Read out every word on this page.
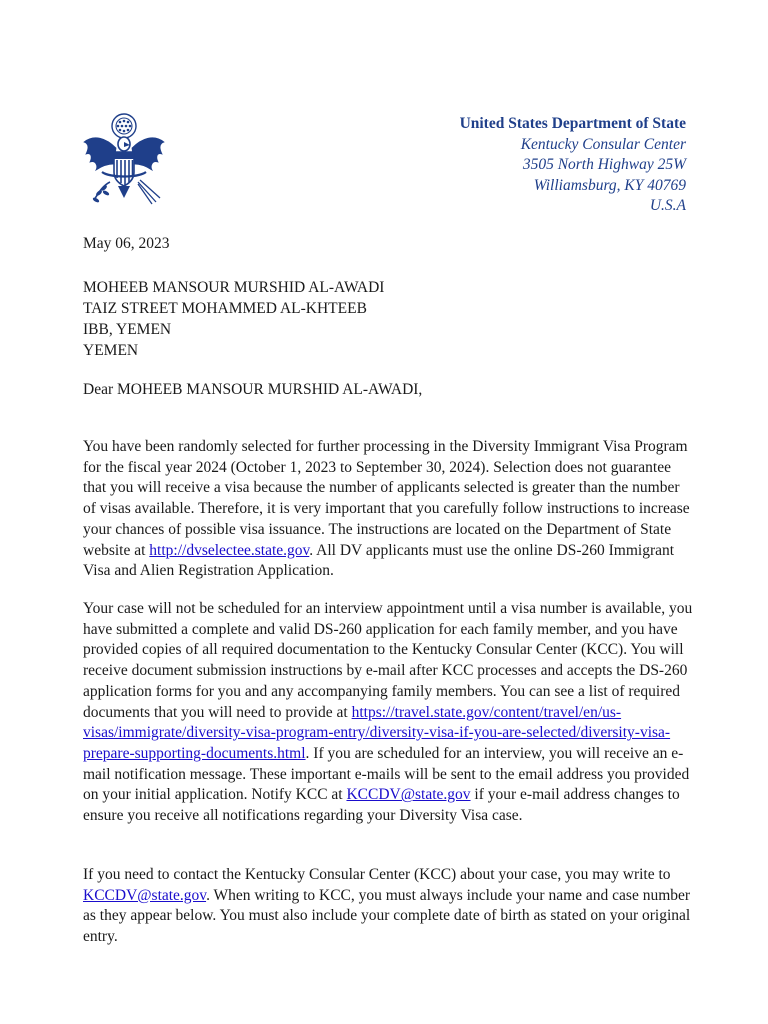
United States Department of State
Kentucky Consular Center
3505 North Highway 25W
Williamsburg, KY 40769
U.S.A
May 06, 2023
MOHEEB MANSOUR MURSHID AL-AWADI
TAIZ STREET MOHAMMED AL-KHTEEB
IBB, YEMEN
YEMEN
Dear MOHEEB MANSOUR MURSHID AL-AWADI,

You have been randomly selected for further processing in the Diversity Immigrant Visa Program for the fiscal year 2024 (October 1, 2023 to September 30, 2024). Selection does not guarantee that you will receive a visa because the number of applicants selected is greater than the number of visas available. Therefore, it is very important that you carefully follow instructions to increase your chances of possible visa issuance. The instructions are located on the Department of State website at http://dvselectee.state.gov. All DV applicants must use the online DS-260 Immigrant Visa and Alien Registration Application.

Your case will not be scheduled for an interview appointment until a visa number is available, you have submitted a complete and valid DS-260 application for each family member, and you have provided copies of all required documentation to the Kentucky Consular Center (KCC). You will receive document submission instructions by e-mail after KCC processes and accepts the DS-260 application forms for you and any accompanying family members. You can see a list of required documents that you will need to provide at https://travel.state.gov/content/travel/en/us-visas/immigrate/diversity-visa-program-entry/diversity-visa-if-you-are-selected/diversity-visa-prepare-supporting-documents.html. If you are scheduled for an interview, you will receive an e-mail notification message. These important e-mails will be sent to the email address you provided on your initial application. Notify KCC at KCCDV@state.gov if your e-mail address changes to ensure you receive all notifications regarding your Diversity Visa case.

If you need to contact the Kentucky Consular Center (KCC) about your case, you may write to KCCDV@state.gov. When writing to KCC, you must always include your name and case number as they appear below. You must also include your complete date of birth as stated on your original entry.
